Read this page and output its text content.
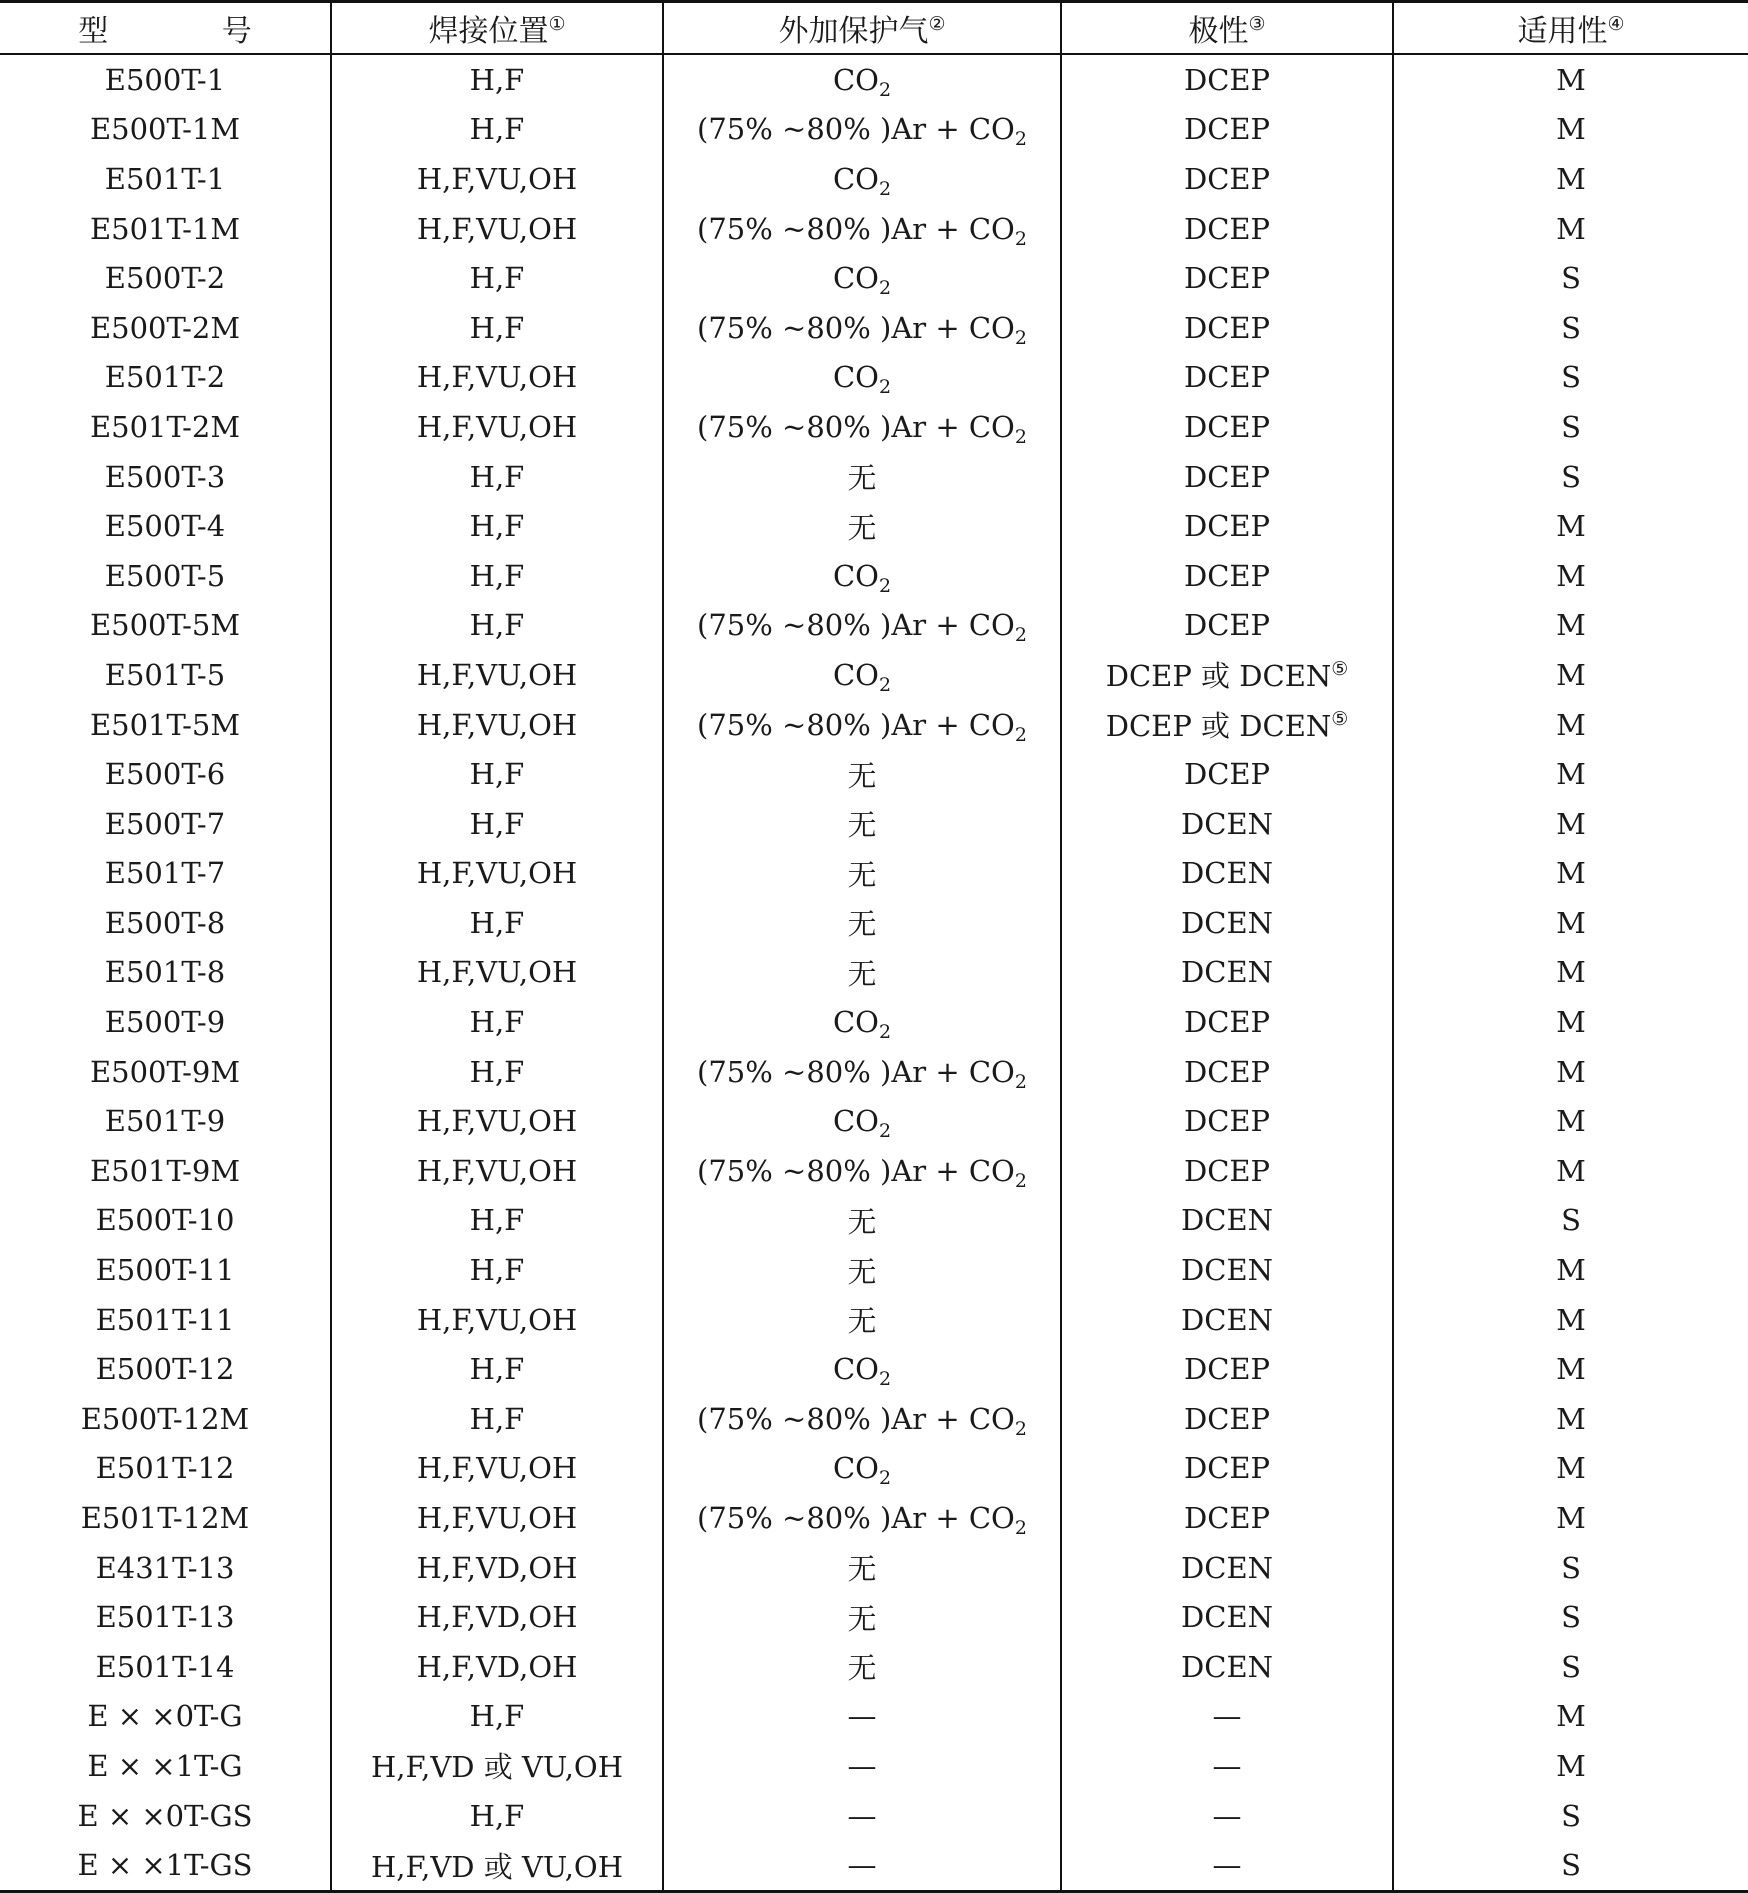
型 号	焊接位置①	外加保护气②	极性③	适用性④
E500T-1	H,F	$CO_2$	DCEP	M
E500T-1M	H,F	(75% ~80% )$Ar + CO_2$	DCEP	M
E501T-1	H,F,VU,OH	$CO_2$	DCEP	M
E501T-1M	H,F,VU,OH	(75% ~80% )$Ar + CO_2$	DCEP	M
E500T-2	H,F	$CO_2$	DCEP	S
E500T-2M	H,F	(75% ~80% )$Ar + CO_2$	DCEP	S
E501T-2	H,F,VU,OH	$CO_2$	DCEP	S
E501T-2M	H,F,VU,OH	(75% ~80% )$Ar + CO_2$	DCEP	S
E500T-3	H,F	无	DCEP	S
E500T-4	H,F	无	DCEP	M
E500T-5	H,F	$CO_2$	DCEP	M
E500T-5M	H,F	(75% ~80% )$Ar + CO_2$	DCEP	M
E501T-5	H,F,VU,OH	$CO_2$	DCEP 或 DCEN⑤	M
E501T-5M	H,F,VU,OH	(75% ~80% )$Ar + CO_2$	DCEP 或 DCEN⑤	M
E500T-6	H,F	无	DCEP	M
E500T-7	H,F	无	DCEN	M
E501T-7	H,F,VU,OH	无	DCEN	M
E500T-8	H,F	无	DCEN	M
E501T-8	H,F,VU,OH	无	DCEN	M
E500T-9	H,F	$CO_2$	DCEP	M
E500T-9M	H,F	(75% ~80% )$Ar + CO_2$	DCEP	M
E501T-9	H,F,VU,OH	$CO_2$	DCEP	M
E501T-9M	H,F,VU,OH	(75% ~80% )$Ar + CO_2$	DCEP	M
E500T-10	H,F	无	DCEN	S
E500T-11	H,F	无	DCEN	M
E501T-11	H,F,VU,OH	无	DCEN	M
E500T-12	H,F	$CO_2$	DCEP	M
E500T-12M	H,F	(75% ~80% )$Ar + CO_2$	DCEP	M
E501T-12	H,F,VU,OH	$CO_2$	DCEP	M
E501T-12M	H,F,VU,OH	(75% ~80% )$Ar + CO_2$	DCEP	M
E431T-13	H,F,VD,OH	无	DCEN	S
E501T-13	H,F,VD,OH	无	DCEN	S
E501T-14	H,F,VD,OH	无	DCEN	S
E × ×0T-G	H,F	—	—	M
E × ×1T-G	H,F,VD 或 VU,OH	—	—	M
E × ×0T-GS	H,F	—	—	S
E × ×1T-GS	H,F,VD 或 VU,OH	—	—	S
